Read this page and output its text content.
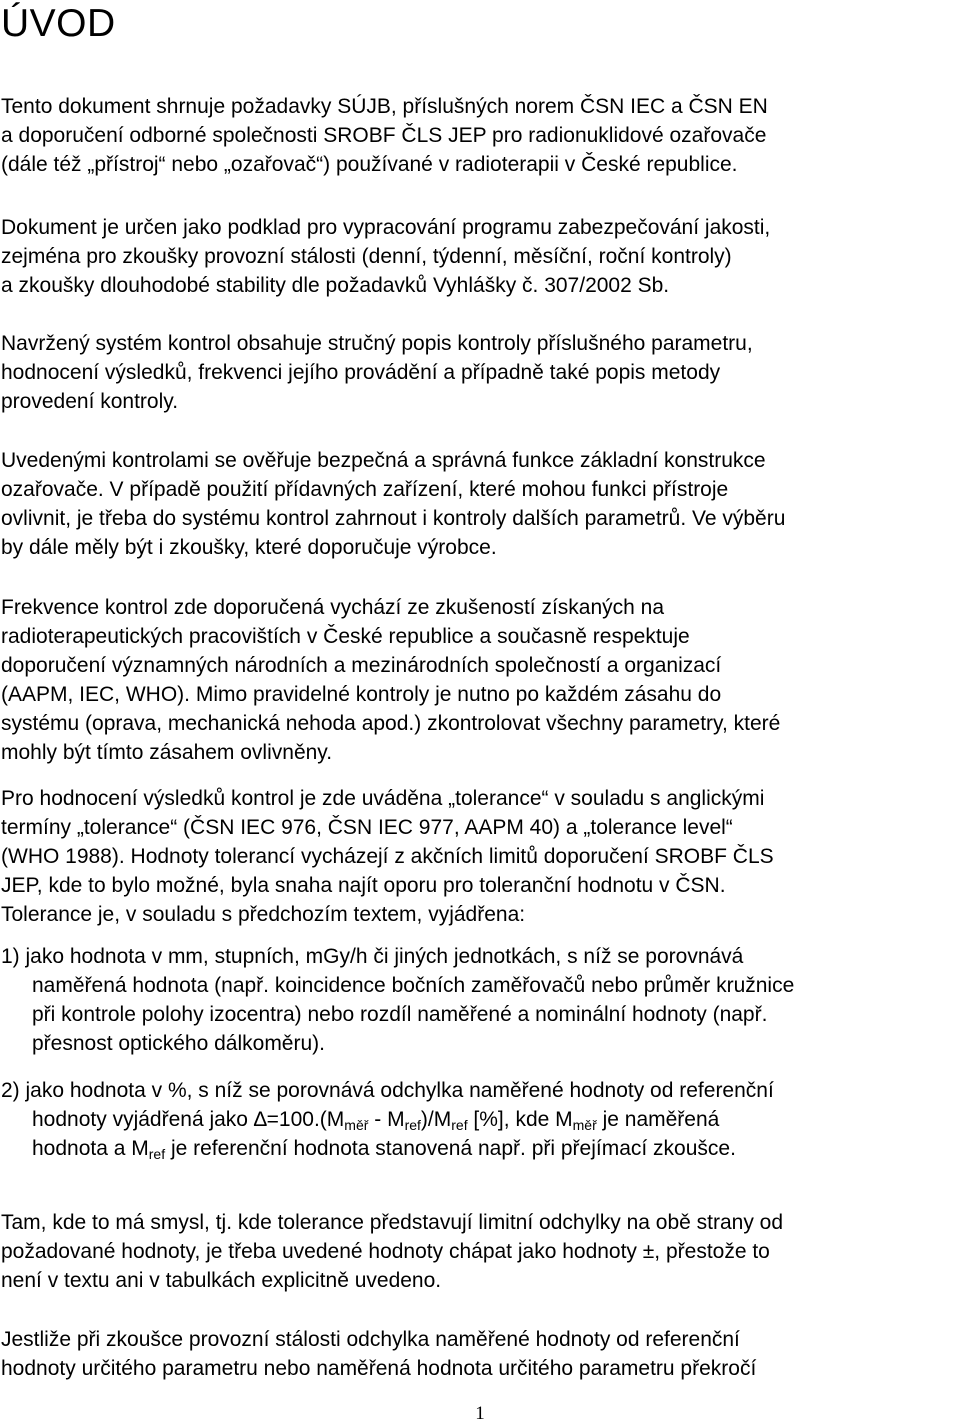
ÚVOD

Tento dokument shrnuje požadavky SÚJB, příslušných norem ČSN IEC a ČSN EN
a doporučení odborné společnosti SROBF ČLS JEP pro radionuklidové ozařovače
(dále též „přístroj“ nebo „ozařovač“) používané v radioterapii v České republice.

Dokument je určen jako podklad pro vypracování programu zabezpečování jakosti,
zejména pro zkoušky provozní stálosti (denní, týdenní, měsíční, roční kontroly)
a zkoušky dlouhodobé stability dle požadavků Vyhlášky č. 307/2002 Sb.

Navržený systém kontrol obsahuje stručný popis kontroly příslušného parametru,
hodnocení výsledků, frekvenci jejího provádění a případně také popis metody
provedení kontroly.

Uvedenými kontrolami se ověřuje bezpečná a správná funkce základní konstrukce
ozařovače. V případě použití přídavných zařízení, které mohou funkci přístroje
ovlivnit, je třeba do systému kontrol zahrnout i kontroly dalších parametrů. Ve výběru
by dále měly být i zkoušky, které doporučuje výrobce.

Frekvence kontrol zde doporučená vychází ze zkušeností získaných na
radioterapeutických pracovištích v České republice a současně respektuje
doporučení významných národních a mezinárodních společností a organizací
(AAPM, IEC, WHO). Mimo pravidelné kontroly je nutno po každém zásahu do
systému (oprava, mechanická nehoda apod.) zkontrolovat všechny parametry, které
mohly být tímto zásahem ovlivněny.

Pro hodnocení výsledků kontrol je zde uváděna „tolerance“ v souladu s anglickými
termíny „tolerance“ (ČSN IEC 976, ČSN IEC 977, AAPM 40) a „tolerance level“
(WHO 1988). Hodnoty tolerancí vycházejí z akčních limitů doporučení SROBF ČLS
JEP, kde to bylo možné, byla snaha najít oporu pro toleranční hodnotu v ČSN.
Tolerance je, v souladu s předchozím textem, vyjádřena:

1) jako hodnota v mm, stupních, mGy/h či jiných jednotkách, s níž se porovnává
naměřená hodnota (např. koincidence bočních zaměřovačů nebo průměr kružnice
při kontrole polohy izocentra) nebo rozdíl naměřené a nominální hodnoty (např.
přesnost optického dálkoměru).

2) jako hodnota v %, s níž se porovnává odchylka naměřené hodnoty od referenční
hodnoty vyjádřená jako $\Delta=100.(M_{měř} - M_{ref})/M_{ref}$ [%], kde $M_{měř}$ je naměřená
hodnota a $M_{ref}$ je referenční hodnota stanovená např. při přejímací zkoušce.

Tam, kde to má smysl, tj. kde tolerance představují limitní odchylky na obě strany od
požadované hodnoty, je třeba uvedené hodnoty chápat jako hodnoty ±, přestože to
není v textu ani v tabulkách explicitně uvedeno.

Jestliže při zkoušce provozní stálosti odchylka naměřené hodnoty od referenční
hodnoty určitého parametru nebo naměřená hodnota určitého parametru překročí

1
